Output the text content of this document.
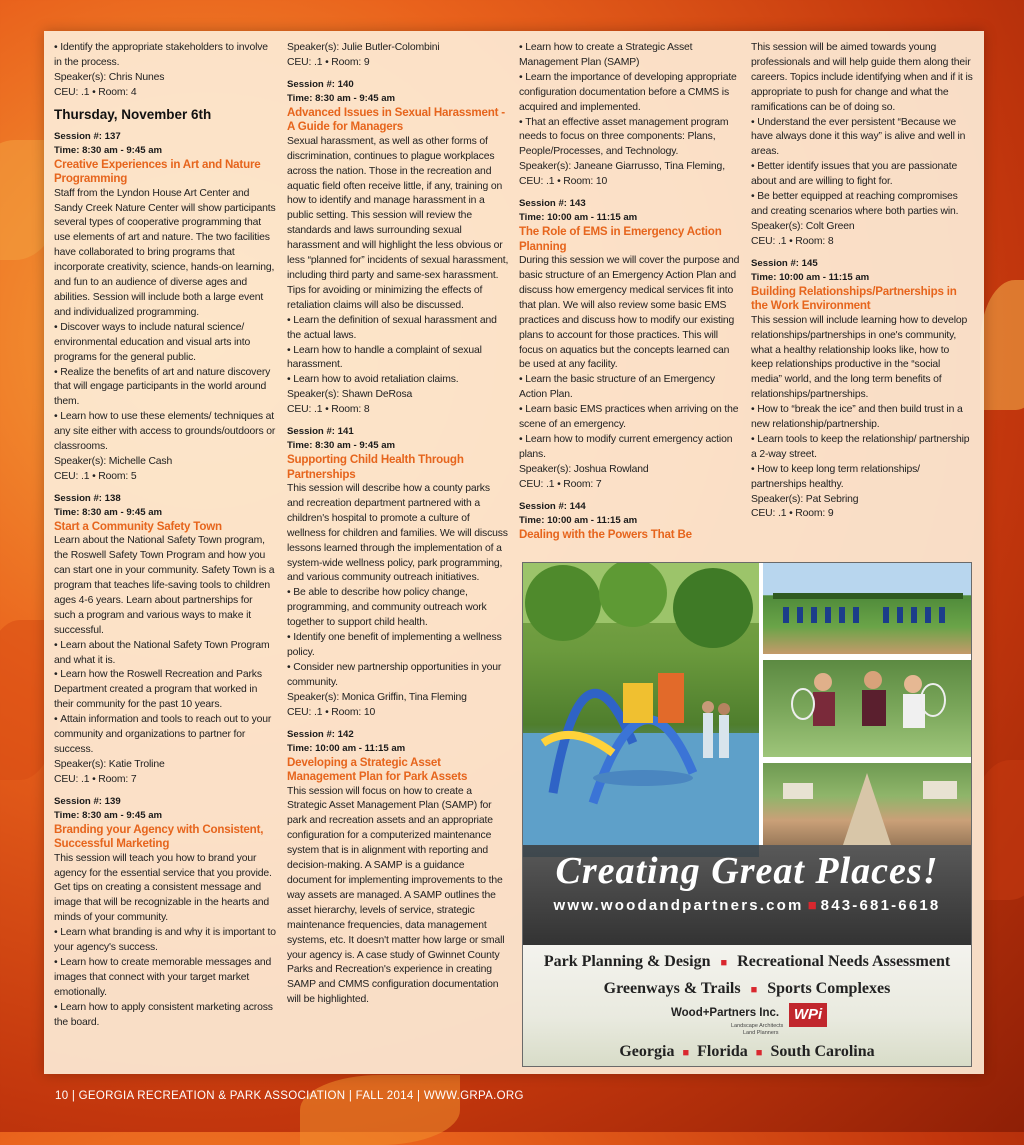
• Identify the appropriate stakeholders to involve in the process.

Speaker(s): Chris Nunes

CEU: .1 • Room: 4

Thursday, November 6th
Session #: 137
Time: 8:30 am - 9:45 am
Creative Experiences in Art and Nature Programming

Staff from the Lyndon House Art Center and Sandy Creek Nature Center will show participants several types of cooperative programming that use elements of art and nature. The two facilities have collaborated to bring programs that incorporate creativity, science, hands-on learning, and fun to an audience of diverse ages and abilities. Session will include both a large event and individualized programming.

• Discover ways to include natural science/ environmental education and visual arts into programs for the general public.

• Realize the benefits of art and nature discovery that will engage participants in the world around them.

• Learn how to use these elements/ techniques at any site either with access to grounds/outdoors or classrooms.

Speaker(s): Michelle Cash

CEU: .1 • Room: 5

Session #: 138
Time: 8:30 am - 9:45 am
Start a Community Safety Town

Learn about the National Safety Town program, the Roswell Safety Town Program and how you can start one in your community. Safety Town is a program that teaches life-saving tools to children ages 4-6 years. Learn about partnerships for such a program and various ways to make it successful.

• Learn about the National Safety Town Program and what it is.

• Learn how the Roswell Recreation and Parks Department created a program that worked in their community for the past 10 years.

• Attain information and tools to reach out to your community and organizations to partner for success.

Speaker(s): Katie Troline

CEU: .1 • Room: 7

Session #: 139
Time: 8:30 am - 9:45 am
Branding your Agency with Consistent, Successful Marketing

This session will teach you how to brand your agency for the essential service that you provide. Get tips on creating a consistent message and image that will be recognizable in the hearts and minds of your community.

• Learn what branding is and why it is important to your agency's success.

• Learn how to create memorable messages and images that connect with your target market emotionally.

• Learn how to apply consistent marketing across the board.

Speaker(s): Julie Butler-Colombini

CEU: .1 • Room: 9

Session #: 140
Time: 8:30 am - 9:45 am
Advanced Issues in Sexual Harassment - A Guide for Managers

Sexual harassment, as well as other forms of discrimination, continues to plague workplaces across the nation. Those in the recreation and aquatic field often receive little, if any, training on how to identify and manage harassment in a public setting. This session will review the standards and laws surrounding sexual harassment and will highlight the less obvious or less “planned for” incidents of sexual harassment, including third party and same-sex harassment. Tips for avoiding or minimizing the effects of retaliation claims will also be discussed.

• Learn the definition of sexual harassment and the actual laws.

• Learn how to handle a complaint of sexual harassment.

• Learn how to avoid retaliation claims.

Speaker(s): Shawn DeRosa

CEU: .1 • Room: 8

Session #: 141
Time: 8:30 am - 9:45 am
Supporting Child Health Through Partnerships

This session will describe how a county parks and recreation department partnered with a children's hospital to promote a culture of wellness for children and families. We will discuss lessons learned through the implementation of a system-wide wellness policy, park programming, and various community outreach initiatives.

• Be able to describe how policy change, programming, and community outreach work together to support child health.

• Identify one benefit of implementing a wellness policy.

• Consider new partnership opportunities in your community.

Speaker(s): Monica Griffin, Tina Fleming

CEU: .1 • Room: 10

Session #: 142
Time: 10:00 am - 11:15 am
Developing a Strategic Asset Management Plan for Park Assets

This session will focus on how to create a Strategic Asset Management Plan (SAMP) for park and recreation assets and an appropriate configuration for a computerized maintenance system that is in alignment with reporting and decision-making. A SAMP is a guidance document for implementing improvements to the way assets are managed. A SAMP outlines the asset hierarchy, levels of service, strategic maintenance frequencies, data management systems, etc. It doesn't matter how large or small your agency is. A case study of Gwinnet County Parks and Recreation's experience in creating SAMP and CMMS configuration documentation will be highlighted.

• Learn how to create a Strategic Asset Management Plan (SAMP)

• Learn the importance of developing appropriate configuration documentation before a CMMS is acquired and implemented.

• That an effective asset management program needs to focus on three components: Plans, People/Processes, and Technology.

Speaker(s): Janeane Giarrusso, Tina Fleming,

CEU: .1 • Room: 10

Session #: 143
Time: 10:00 am - 11:15 am
The Role of EMS in Emergency Action Planning

During this session we will cover the purpose and basic structure of an Emergency Action Plan and discuss how emergency medical services fit into that plan. We will also review some basic EMS practices and discuss how to modify our existing plans to account for those practices. This will focus on aquatics but the concepts learned can be used at any facility.

• Learn the basic structure of an Emergency Action Plan.

• Learn basic EMS practices when arriving on the scene of an emergency.

• Learn how to modify current emergency action plans.

Speaker(s): Joshua Rowland

CEU: .1 • Room: 7

Session #: 144
Time: 10:00 am - 11:15 am
Dealing with the Powers That Be

This session will be aimed towards young professionals and will help guide them along their careers. Topics include identifying when and if it is appropriate to push for change and what the ramifications can be of doing so.

• Understand the ever persistent “Because we have always done it this way” is alive and well in areas.

• Better identify issues that you are passionate about and are willing to fight for.

• Be better equipped at reaching compromises and creating scenarios where both parties win.

Speaker(s): Colt Green

CEU: .1 • Room: 8

Session #: 145
Time: 10:00 am - 11:15 am
Building Relationships/Partnerships in the Work Environment

This session will include learning how to develop relationships/partnerships in one's community, what a healthy relationship looks like, how to keep relationships productive in the “social media” world, and the long term benefits of relationships/partnerships.

• How to “break the ice” and then build trust in a new relationship/partnership.

• Learn tools to keep the relationship/ partnership a 2-way street.

• How to keep long term relationships/ partnerships healthy.

Speaker(s): Pat Sebring

CEU: .1 • Room: 9

Creating Great Places!
www.woodandpartners.com ■ 843-681-6618
Park Planning & Design ■ Recreational Needs Assessment
Greenways & Trails ■ Sports Complexes
Wood+Partners Inc. WPi
Landscape Architects
Land Planners
Georgia ■ Florida ■ South Carolina
10 | GEORGIA RECREATION & PARK ASSOCIATION | FALL 2014 | WWW.GRPA.ORG
